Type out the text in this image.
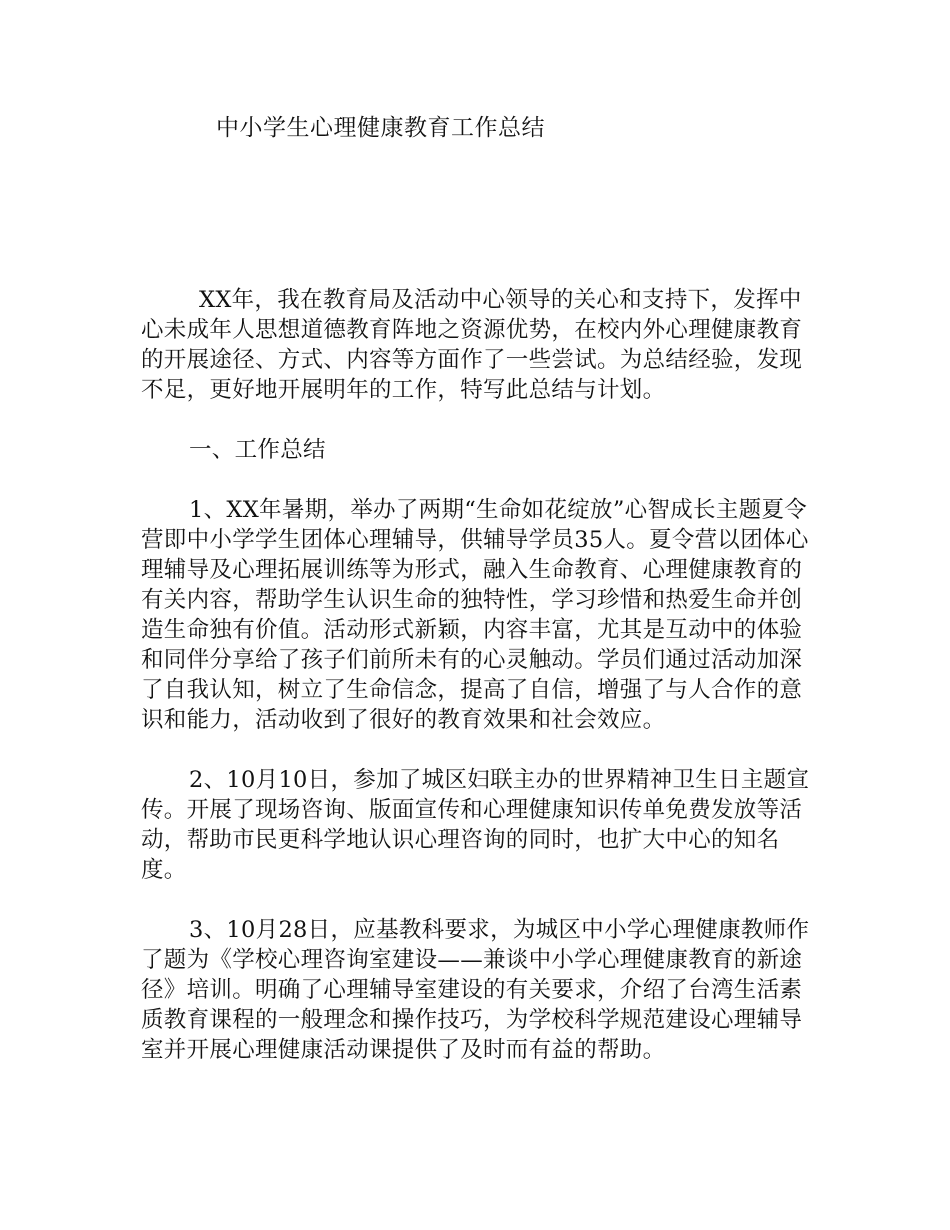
中小学生心理健康教育工作总结

XX年，我在教育局及活动中心领导的关心和支持下，发挥中心未成年人思想道德教育阵地之资源优势，在校内外心理健康教育的开展途径、方式、内容等方面作了一些尝试。为总结经验，发现不足，更好地开展明年的工作，特写此总结与计划。

一、工作总结

1、XX年暑期，举办了两期“生命如花绽放”心智成长主题夏令营即中小学学生团体心理辅导，供辅导学员35人。夏令营以团体心理辅导及心理拓展训练等为形式，融入生命教育、心理健康教育的有关内容，帮助学生认识生命的独特性，学习珍惜和热爱生命并创造生命独有价值。活动形式新颖，内容丰富，尤其是互动中的体验和同伴分享给了孩子们前所未有的心灵触动。学员们通过活动加深了自我认知，树立了生命信念，提高了自信，增强了与人合作的意识和能力，活动收到了很好的教育效果和社会效应。

2、10月10日，参加了城区妇联主办的世界精神卫生日主题宣传。开展了现场咨询、版面宣传和心理健康知识传单免费发放等活动，帮助市民更科学地认识心理咨询的同时，也扩大中心的知名度。

3、10月28日，应基教科要求，为城区中小学心理健康教师作了题为《学校心理咨询室建设——兼谈中小学心理健康教育的新途径》培训。明确了心理辅导室建设的有关要求，介绍了台湾生活素质教育课程的一般理念和操作技巧，为学校科学规范建设心理辅导室并开展心理健康活动课提供了及时而有益的帮助。
